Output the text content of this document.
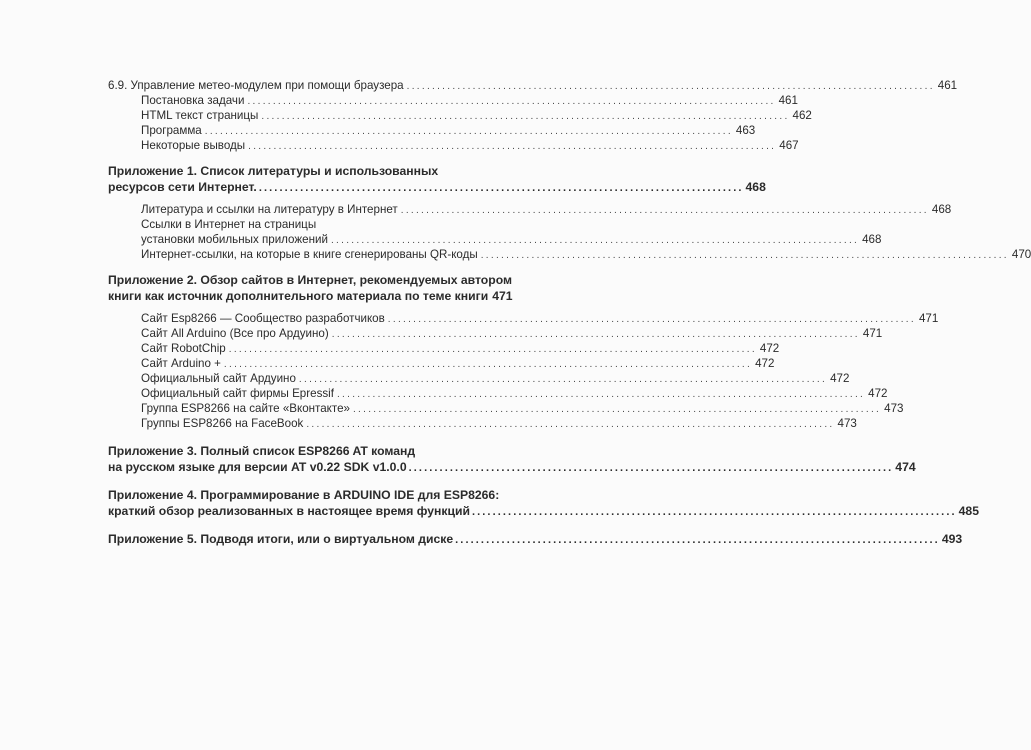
6.9. Управление метео-модулем при помощи браузера ........................................................................................................ 461
Постановка задачи ........................................................................................................ 461
HTML текст страницы ........................................................................................................ 462
Программа ........................................................................................................ 463
Некоторые выводы ........................................................................................................ 467
Приложение 1. Список литературы и использованных
ресурсов сети Интернет. .............................................................................................. 468
Литература и ссылки на литературу в Интернет ........................................................................................................ 468
Ссылки в Интернет на страницы
установки мобильных приложений ........................................................................................................ 468
Интернет-ссылки, на которые в книге сгенерированы QR-коды ........................................................................................................ 470
Приложение 2. Обзор сайтов в Интернет, рекомендуемых автором
книги как источник дополнительного материала по теме книги 471
Сайт Esp8266 — Сообщество разработчиков ........................................................................................................ 471
Сайт All Arduino (Все про Ардуино) ........................................................................................................ 471
Сайт RobotChip ........................................................................................................ 472
Сайт Arduino + ........................................................................................................ 472
Официальный сайт Ардуино ........................................................................................................ 472
Официальный сайт фирмы Epressif ........................................................................................................ 472
Группа ESP8266 на сайте «Вконтакте» ........................................................................................................ 473
Группы ESP8266 на FaceBook ........................................................................................................ 473
Приложение 3. Полный список ESP8266 AT команд
на русском языке для версии AT v0.22 SDK v1.0.0 .............................................................................................. 474
Приложение 4. Программирование в ARDUINO IDE для ESP8266:
краткий обзор реализованных в настоящее время функций .............................................................................................. 485
Приложение 5. Подводя итоги, или о виртуальном диске .............................................................................................. 493
